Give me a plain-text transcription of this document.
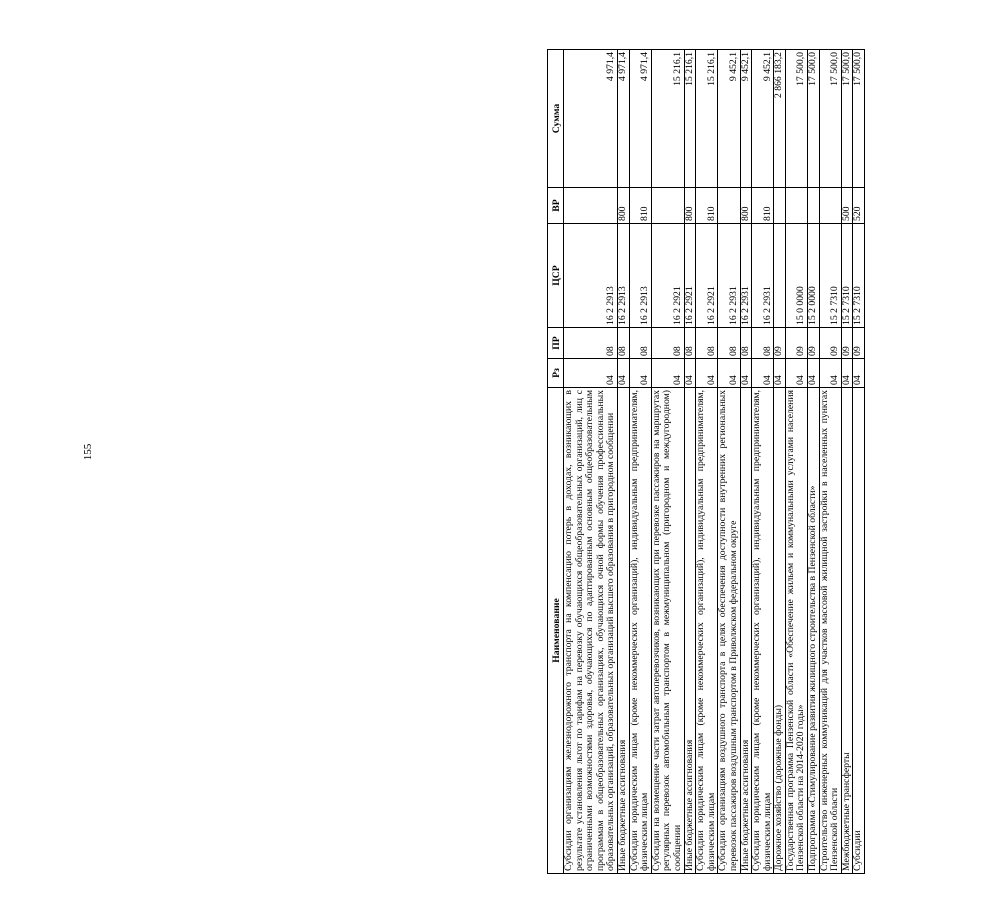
155
Наименование	Рз	ПР	ЦСР	ВР	Сумма
Субсидии организациям железнодорожного транспорта на компенсацию потерь в доходах, возникающих в результате установления льгот по тарифам на перевозку обучающихся общеобразовательных организаций, лиц с ограниченными возможностями здоровья, обучающихся по адаптированным основным общеобразовательным программам в общеобразовательных организациях, обучающихся очной формы обучения профессиональных образовательных организаций, образовательных организаций высшего образования в пригородном сообщении	04	08	16 2 2913		4 971,4
Иные бюджетные ассигнования	04	08	16 2 2913	800	4 971,4
Субсидии юридическим лицам (кроме некоммерческих организаций), индивидуальным предпринимателям, физическим лицам	04	08	16 2 2913	810	4 971,4
Субсидии на возмещение части затрат автоперевозчиков, возникающих при перевозке пассажиров на маршрутах регулярных перевозок автомобильным транспортом в межмуниципальном (пригородном и междугородном) сообщении	04	08	16 2 2921		15 216,1
Иные бюджетные ассигнования	04	08	16 2 2921	800	15 216,1
Субсидии юридическим лицам (кроме некоммерческих организаций), индивидуальным предпринимателям, физическим лицам	04	08	16 2 2921	810	15 216,1
Субсидии организациям воздушного транспорта в целях обеспечения доступности внутренних региональных перевозок пассажиров воздушным транспортом в Приволжском федеральном округе	04	08	16 2 2931		9 452,1
Иные бюджетные ассигнования	04	08	16 2 2931	800	9 452,1
Субсидии юридическим лицам (кроме некоммерческих организаций), индивидуальным предпринимателям, физическим лицам	04	08	16 2 2931	810	9 452,1
Дорожное хозяйство (дорожные фонды)	04	09			2 866 183,2
Государственная программа Пензенской области «Обеспечение жильем и коммунальными услугами населения Пензенской области на 2014-2020 годы»	04	09	15 0 0000		17 500,0
Подпрограмма «Стимулирование развития жилищного строительства в Пензенской области»	04	09	15 2 0000		17 500,0
Строительство инженерных коммуникаций для участков массовой жилищной застройки в населенных пунктах Пензенской области	04	09	15 2 7310		17 500,0
Межбюджетные трансферты	04	09	15 2 7310	500	17 500,0
Субсидии	04	09	15 2 7310	520	17 500,0
